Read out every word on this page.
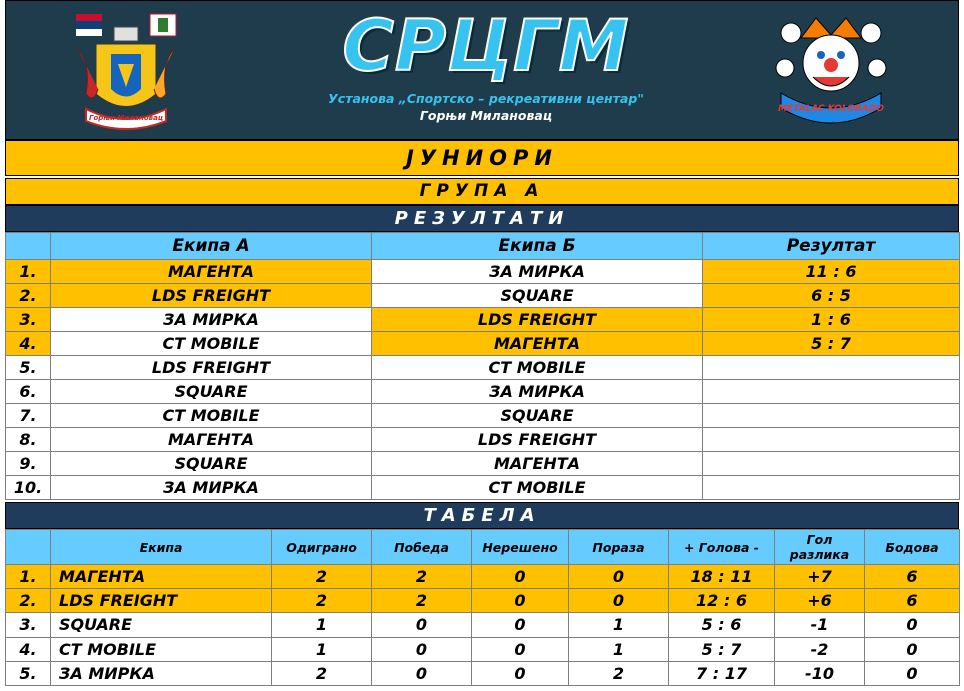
Горњи Милановац
СРЦГМ
Установа „Спортско – рекреативни центар"
Горњи Милановац	METALAC KOLORADO
ЈУНИОРИ
ГРУПА А
РЕЗУЛТАТИ
	Екипа А	Екипа Б	Резултат
1.	МАГЕНТА	ЗА МИРКА	11 : 6
2.	LDS FREIGHT	SQUARE	6 : 5
3.	ЗА МИРКА	LDS FREIGHT	1 : 6
4.	CT MOBILE	МАГЕНТА	5 : 7
5.	LDS FREIGHT	CT MOBILE	
6.	SQUARE	ЗА МИРКА	
7.	CT MOBILE	SQUARE	
8.	МАГЕНТА	LDS FREIGHT	
9.	SQUARE	МАГЕНТА	
10.	ЗА МИРКА	CT MOBILE	
ТАБЕЛА
	Екипа	Одиграно	Победа	Нерешено	Пораза	+ Голова -	Гол разлика	Бодова
1.	МАГЕНТА	2	2	0	0	18 : 11	+7	6
2.	LDS FREIGHT	2	2	0	0	12 : 6	+6	6
3.	SQUARE	1	0	0	1	5 : 6	-1	0
4.	CT MOBILE	1	0	0	1	5 : 7	-2	0
5.	ЗА МИРКА	2	0	0	2	7 : 17	-10	0
